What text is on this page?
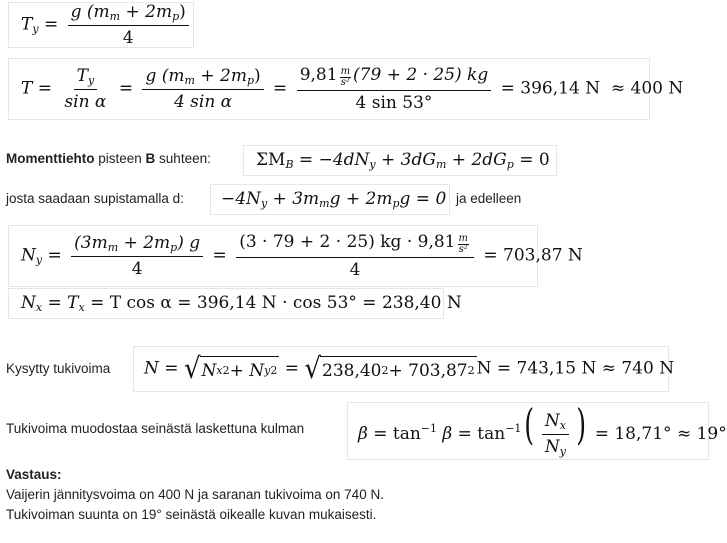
$T_y = \frac{g (m_m + 2m_p)}{4}$
$T = \frac{T_y}{\text{sin α}} = \frac{g (m_m + 2m_p)}{\text{4 sin α}} = \frac{9,81 \frac{m}{\text{s²}} (79 + 2 \cdot 25) kg}{4 \sin 53^\circ} = 396,14$ N ≈ 400 N
Momenttiehto pisteen B suhteen:	$\Sigma M_B = -4dN_y + 3dG_m + 2dG_p = 0$
josta saadaan supistamalla d: $-4N_y + 3m_mg + 2m_pg = 0$ ja edelleen
$N_y = \frac{(3m_m + 2m_p) g}{4} = \frac{(3 \cdot 79 + 2 \cdot 25) kg \cdot 9,81 \frac{m}{\text{s²}}}{4} = 703,87$ N
$N_x = T_x = T$ cos α = 396,14 N · cos 53° = 238,40 N
Kysytty tukivoima N = √ N x 2 + N y 2 = √ 238,40 2 + 703,87 2 N = 743,15 N ≈ 740 N
Tukivoima muodostaa seinästä laskettuna kulman	$\beta = \tan^{-1} \beta = \tan^{-1}( \frac{N_x}{N_y}$ ) = 18,71° ≈ 19°
Vastaus:
Vaijerin jännitysvoima on 400 N ja saranan tukivoima on 740 N.
Tukivoiman suunta on 19° seinästä oikealle kuvan mukaisesti.
